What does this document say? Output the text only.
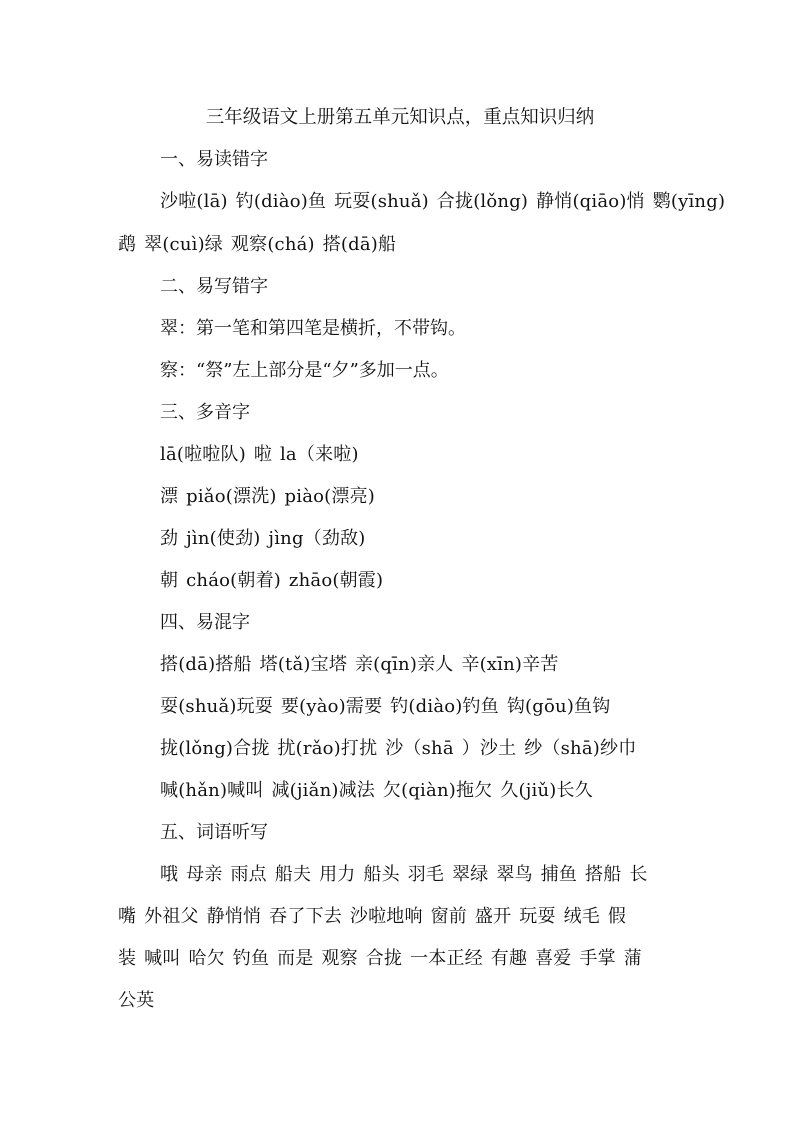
三年级语文上册第五单元知识点，重点知识归纳
一、易读错字
沙啦(lā) 钓(diào)鱼 玩耍(shuǎ) 合拢(lǒng) 静悄(qiāo)悄 鹦(yīng)
鹉 翠(cuì)绿 观察(chá) 搭(dā)船
二、易写错字
翠：第一笔和第四笔是横折，不带钩。
察：“祭”左上部分是“夕”多加一点。
三、多音字
lā(啦啦队) 啦 la（来啦)
漂 piǎo(漂洗) piào(漂亮)
劲 jìn(使劲) jìng（劲敌)
朝 cháo(朝着) zhāo(朝霞)
四、易混字
搭(dā)搭船 塔(tǎ)宝塔 亲(qīn)亲人 辛(xīn)辛苦
耍(shuǎ)玩耍 要(yào)需要 钓(diào)钓鱼 钩(gōu)鱼钩
拢(lǒng)合拢 扰(rǎo)打扰 沙（shā ）沙土 纱（shā)纱巾
喊(hǎn)喊叫 减(jiǎn)减法 欠(qiàn)拖欠 久(jiǔ)长久
五、词语听写
哦 母亲 雨点 船夫 用力 船头 羽毛 翠绿 翠鸟 捕鱼 搭船 长
嘴 外祖父 静悄悄 吞了下去 沙啦地响 窗前 盛开 玩耍 绒毛 假
装 喊叫 哈欠 钓鱼 而是 观察 合拢 一本正经 有趣 喜爱 手掌 蒲
公英
